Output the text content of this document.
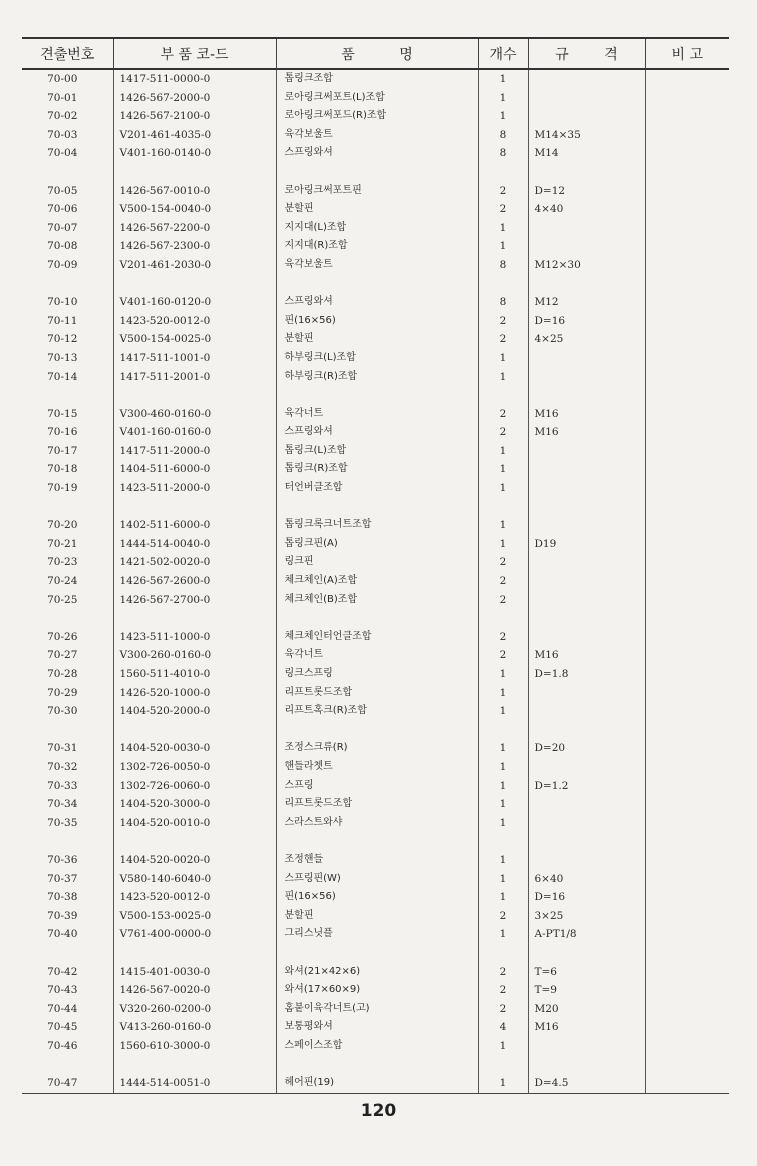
견출번호	부 품 코-드	품          명	개수	규        격	비 고
70-00	1417-511-0000-0	톱링크조합	1		
70-01	1426-567-2000-0	로아링크써포트(L)조합	1		
70-02	1426-567-2100-0	로아링크써포드(R)조합	1		
70-03	V201-461-4035-0	육각보울트	8	M14×35	
70-04	V401-160-0140-0	스프링와셔	8	M14	

70-05	1426-567-0010-0	로아링크써포트핀	2	D=12	
70-06	V500-154-0040-0	분할핀	2	4×40	
70-07	1426-567-2200-0	지지대(L)조합	1		
70-08	1426-567-2300-0	지지대(R)조합	1		
70-09	V201-461-2030-0	육각보울트	8	M12×30	

70-10	V401-160-0120-0	스프링와셔	8	M12	
70-11	1423-520-0012-0	핀(16×56)	2	D=16	
70-12	V500-154-0025-0	분할핀	2	4×25	
70-13	1417-511-1001-0	하부링크(L)조합	1		
70-14	1417-511-2001-0	하부링크(R)조합	1		

70-15	V300-460-0160-0	육각너트	2	M16	
70-16	V401-160-0160-0	스프링와셔	2	M16	
70-17	1417-511-2000-0	톱링크(L)조합	1		
70-18	1404-511-6000-0	톱링크(R)조합	1		
70-19	1423-511-2000-0	터언버클조합	1		

70-20	1402-511-6000-0	톱링크록크너트조합	1		
70-21	1444-514-0040-0	톱링크핀(A)	1	D19	
70-23	1421-502-0020-0	링크핀	2		
70-24	1426-567-2600-0	체크체인(A)조합	2		
70-25	1426-567-2700-0	체크체인(B)조합	2		

70-26	1423-511-1000-0	체크체인터언클조합	2		
70-27	V300-260-0160-0	육각너트	2	M16	
70-28	1560-511-4010-0	링크스프링	1	D=1.8	
70-29	1426-520-1000-0	리프트롯드조합	1		
70-30	1404-520-2000-0	리프트혹크(R)조합	1		

70-31	1404-520-0030-0	조정스크류(R)	1	D=20	
70-32	1302-726-0050-0	핸들라쳇트	1		
70-33	1302-726-0060-0	스프링	1	D=1.2	
70-34	1404-520-3000-0	리프트롯드조합	1		
70-35	1404-520-0010-0	스라스트와샤	1		

70-36	1404-520-0020-0	조정핸들	1		
70-37	V580-140-6040-0	스프링핀(W)	1	6×40	
70-38	1423-520-0012-0	핀(16×56)	1	D=16	
70-39	V500-153-0025-0	분할핀	2	3×25	
70-40	V761-400-0000-0	그리스닛플	1	A-PT1/8	

70-42	1415-401-0030-0	와셔(21×42×6)	2	T=6	
70-43	1426-567-0020-0	와셔(17×60×9)	2	T=9	
70-44	V320-260-0200-0	홈붙이육각너트(고)	2	M20	
70-45	V413-260-0160-0	보통평와셔	4	M16	
70-46	1560-610-3000-0	스페이스조합	1		

70-47	1444-514-0051-0	헤어핀(19)	1	D=4.5	
120
